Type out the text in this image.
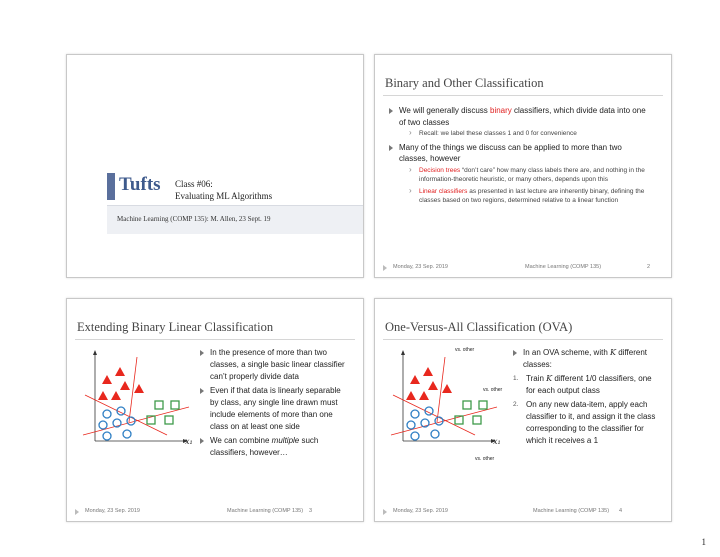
Tufts Class #06:
Evaluating ML Algorithms
Machine Learning (COMP 135): M. Allen, 23 Sept. 19
Binary and Other Classification
We will generally discuss binary classifiers, which divide data into one of two classes
› Recall: we label these classes 1 and 0 for convenience
Many of the things we discuss can be applied to more than two classes, however
› Decision trees “don’t care” how many class labels there are, and nothing in the information-theoretic heuristic, or many others, depends upon this
› Linear classifiers as presented in last lecture are inherently binary, defining the classes based on two regions, determined relative to a linear function
Monday, 23 Sep. 2019	Machine Learning (COMP 135)	2
Extending Binary Linear Classification
x₁
In the presence of more than two classes, a single basic linear classifier can’t properly divide data
Even if that data is linearly separable by class, any single line drawn must include elements of more than one class on at least one side
We can combine multiple such classifiers, however…
Monday, 23 Sep. 2019	Machine Learning (COMP 135) 3
One-Versus-All Classification (OVA)
vs. other
vs. other
vs. other
x₁
In an OVA scheme, with K different classes:
1. Train K different 1/0 classifiers, one for each output class
2. On any new data-item, apply each classifier to it, and assign it the class corresponding to the classifier for which it receives a 1
Monday, 23 Sep. 2019	Machine Learning (COMP 135) 4
1
